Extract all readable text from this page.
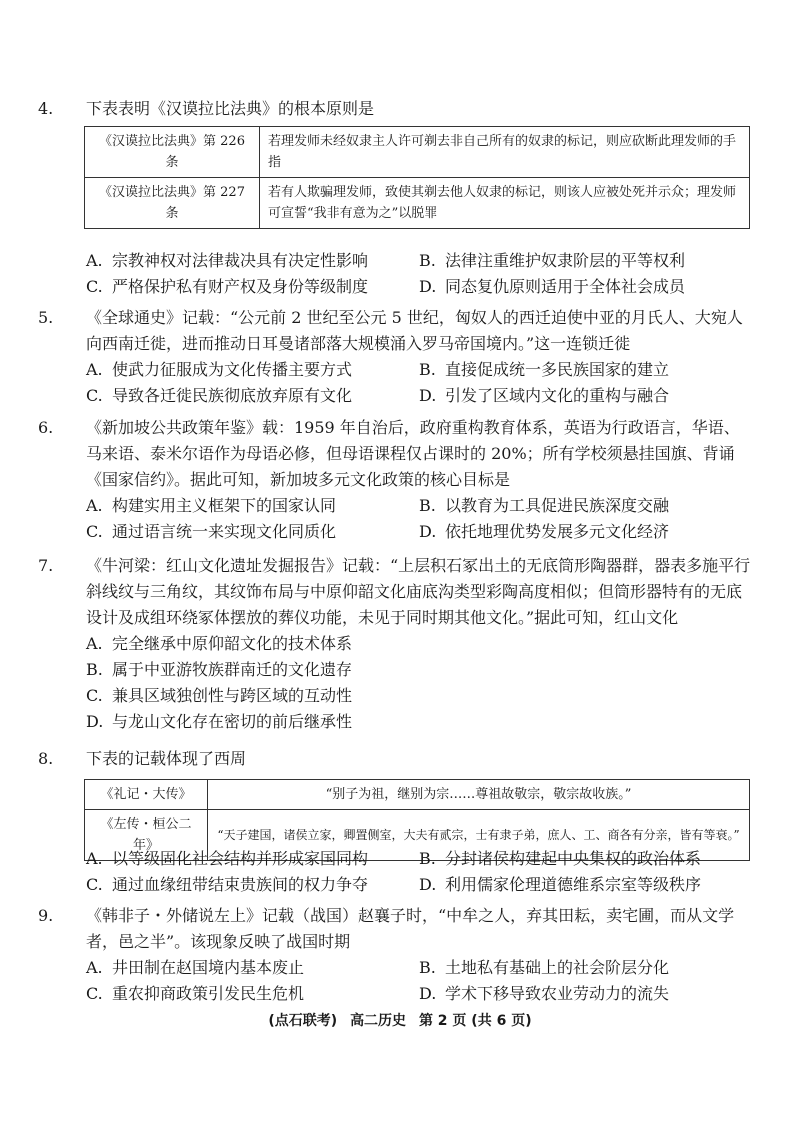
4. 下表表明《汉谟拉比法典》的根本原则是
《汉谟拉比法典》第 226 条	若理发师未经奴隶主人许可剃去非自己所有的奴隶的标记，则应砍断此理发师的手指
《汉谟拉比法典》第 227 条	若有人欺骗理发师，致使其剃去他人奴隶的标记，则该人应被处死并示众；理发师可宣誓“我非有意为之”以脱罪
A. 宗教神权对法律裁决具有决定性影响	B. 法律注重维护奴隶阶层的平等权利
C. 严格保护私有财产权及身份等级制度	D. 同态复仇原则适用于全体社会成员
5. 《全球通史》记载：“公元前 2 世纪至公元 5 世纪，匈奴人的西迁迫使中亚的月氏人、大宛人向西南迁徙，进而推动日耳曼诸部落大规模涌入罗马帝国境内。”这一连锁迁徙
A. 使武力征服成为文化传播主要方式	B. 直接促成统一多民族国家的建立
C. 导致各迁徙民族彻底放弃原有文化	D. 引发了区域内文化的重构与融合
6. 《新加坡公共政策年鉴》载：1959 年自治后，政府重构教育体系，英语为行政语言，华语、马来语、泰米尔语作为母语必修，但母语课程仅占课时的 20%；所有学校须悬挂国旗、背诵《国家信约》。据此可知，新加坡多元文化政策的核心目标是
A. 构建实用主义框架下的国家认同	B. 以教育为工具促进民族深度交融
C. 通过语言统一来实现文化同质化	D. 依托地理优势发展多元文化经济
7. 《牛河梁：红山文化遗址发掘报告》记载：“上层积石冢出土的无底筒形陶器群，器表多施平行斜线纹与三角纹，其纹饰布局与中原仰韶文化庙底沟类型彩陶高度相似；但筒形器特有的无底设计及成组环绕冢体摆放的葬仪功能，未见于同时期其他文化。”据此可知，红山文化
A. 完全继承中原仰韶文化的技术体系
B. 属于中亚游牧族群南迁的文化遗存
C. 兼具区域独创性与跨区域的互动性
D. 与龙山文化存在密切的前后继承性
8. 下表的记载体现了西周
《礼记・大传》	“别子为祖，继别为宗……尊祖故敬宗，敬宗故收族。”
《左传・桓公二年》	“天子建国，诸侯立家，卿置侧室，大夫有贰宗，士有隶子弟，庶人、工、商各有分亲，皆有等衰。”
A. 以等级固化社会结构并形成家国同构	B. 分封诸侯构建起中央集权的政治体系
C. 通过血缘纽带结束贵族间的权力争夺	D. 利用儒家伦理道德维系宗室等级秩序
9. 《韩非子・外储说左上》记载（战国）赵襄子时，“中牟之人，弃其田耘，卖宅圃，而从文学者，邑之半”。该现象反映了战国时期
A. 井田制在赵国境内基本废止	B. 土地私有基础上的社会阶层分化
C. 重农抑商政策引发民生危机	D. 学术下移导致农业劳动力的流失
(点石联考) 高二历史 第 2 页 (共 6 页)
